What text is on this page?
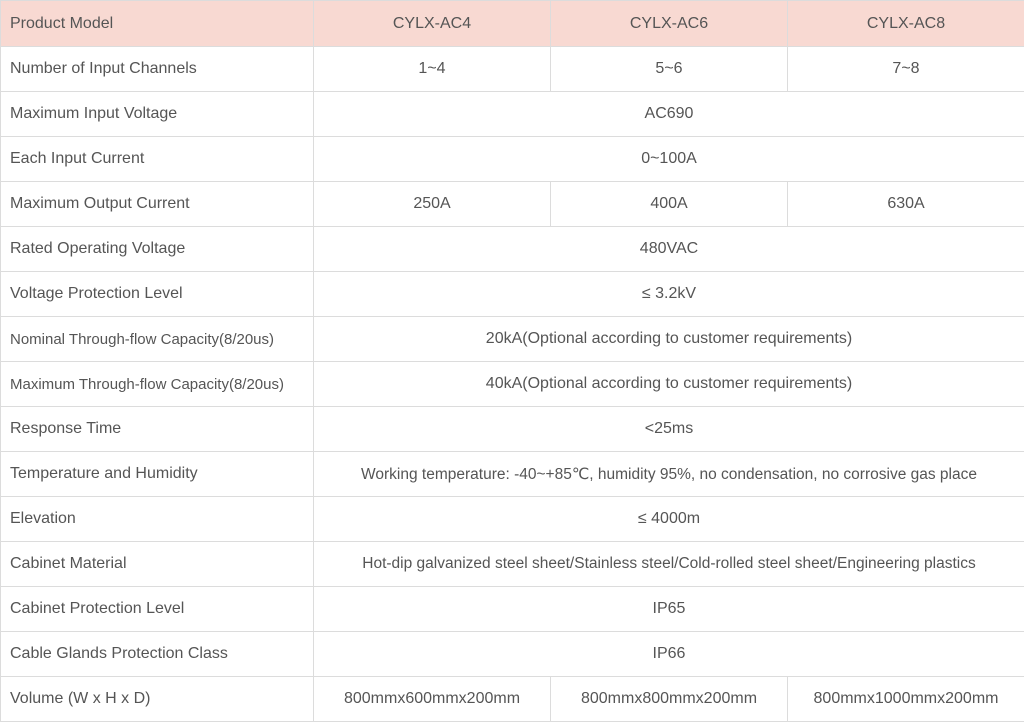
Product Model	CYLX-AC4	CYLX-AC6	CYLX-AC8
Number of Input Channels	1~4	5~6	7~8
Maximum Input Voltage	AC690		
Each Input Current	0~100A		
Maximum Output Current	250A	400A	630A
Rated Operating Voltage	480VAC		
Voltage Protection Level	≤ 3.2kV		
Nominal Through-flow Capacity(8/20us)	20kA(Optional according to customer requirements)		
Maximum Through-flow Capacity(8/20us)	40kA(Optional according to customer requirements)		
Response Time	<25ms		
Temperature and Humidity	Working temperature: -40~+85℃, humidity 95%, no condensation, no corrosive gas place		
Elevation	≤ 4000m		
Cabinet Material	Hot-dip galvanized steel sheet/Stainless steel/Cold-rolled steel sheet/Engineering plastics		
Cabinet Protection Level	IP65		
Cable Glands Protection Class	IP66		
Volume (W x H x D)	800mmx600mmx200mm	800mmx800mmx200mm	800mmx1000mmx200mm
